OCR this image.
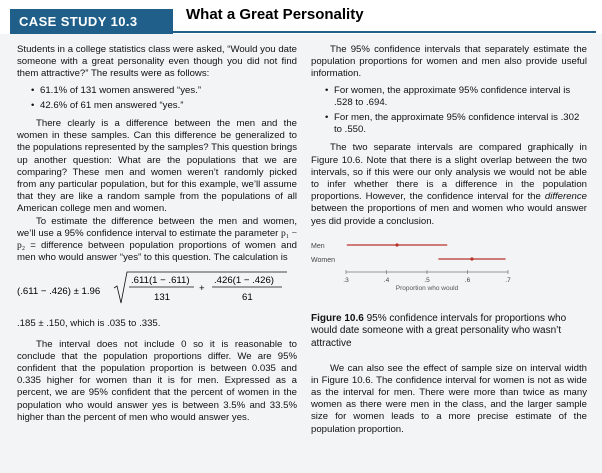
CASE STUDY 10.3	What a Great Personality

Students in a college statistics class were asked, “Would you date someone with a great personality even though you did not find them attractive?” The results were as follows:

• 61.1% of 131 women answered “yes.”
• 42.6% of 61 men answered “yes.”

There clearly is a difference between the men and the women in these samples. Can this difference be generalized to the populations represented by the samples? This question brings up another question: What are the populations that we are comparing? These men and women weren’t randomly picked from any particular population, but for this example, we’ll assume that they are like a random sample from the populations of all American college men and women.

To estimate the difference between the men and women, we’ll use a 95% confidence interval to estimate the parameter p₁ − p₂ = difference between population proportions of women and men who would answer “yes” to this question. The calculation is

(.611 − .426) ± 1.96
.611(1 − .611)
131
+
.426(1 − .426)
61

.185 ± .150, which is .035 to .335.

The interval does not include 0 so it is reasonable to conclude that the population proportions differ. We are 95% confident that the population proportion is between 0.035 and 0.335 higher for women than it is for men. Expressed as a percent, we are 95% confident that the percent of women in the population who would answer yes is between 3.5% and 33.5% higher than the percent of men who would answer yes.

The 95% confidence intervals that separately estimate the population proportions for women and men also provide useful information.

• For women, the approximate 95% confidence interval is .528 to .694.
• For men, the approximate 95% confidence interval is .302 to .550.

The two separate intervals are compared graphically in Figure 10.6. Note that there is a slight overlap between the two intervals, so if this were our only analysis we would not be able to infer whether there is a difference in the population proportions. However, the confidence interval for the difference between the proportions of men and women who would answer yes did provide a conclusion.

Men
Women
.3	.4	.5	.6	.7
Proportion who would
Figure 10.6 95% confidence intervals for proportions who would date someone with a great personality who wasn’t attractive

We can also see the effect of sample size on interval width in Figure 10.6. The confidence interval for women is not as wide as the interval for men. There were more than twice as many women as there were men in the class, and the larger sample size for women leads to a more precise estimate of the population proportion.
